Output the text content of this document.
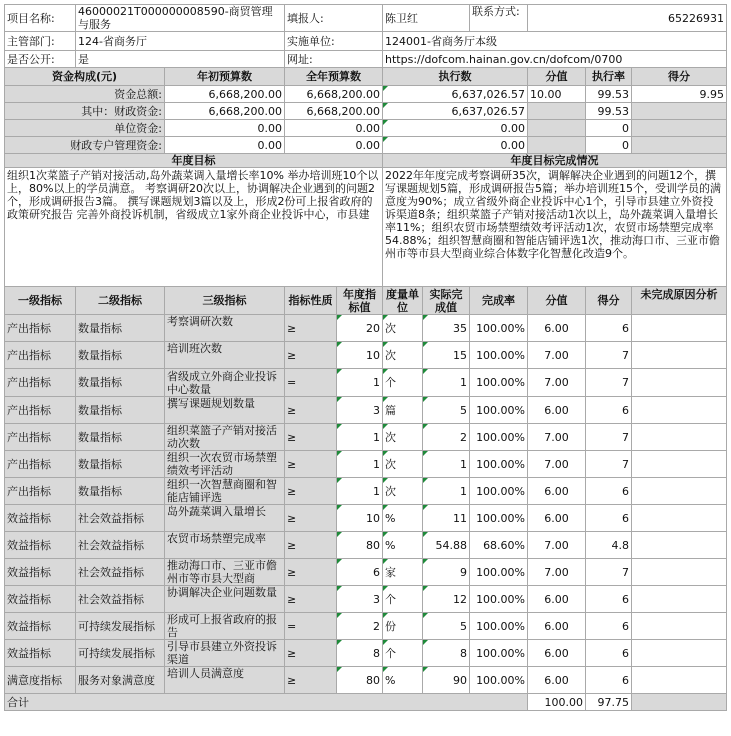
项目名称:	46000021T000000008590-商贸管理与服务		填报人:		陈卫红		联系方式:	65226931		
主管部门:	124-省商务厅		实施单位:		124001-省商务厅本级					
是否公开:	是		网址:		https://dofcom.hainan.gov.cn/dofcom/0700					
资金构成(元)		年初预算数	全年预算数		执行数			分值	执行率	得分
资金总额:		6,668,200.00	6,668,200.00		6,637,026.57			10.00	99.53	9.95
其中：财政资金:		6,668,200.00	6,668,200.00		6,637,026.57				99.53	
单位资金:		0.00	0.00		0.00				0	
财政专户管理资金:		0.00	0.00		0.00				0	
年度目标					年度目标完成情况					

组织1次菜篮子产销对接活动,岛外蔬菜调入量增长率10% 举办培训班10个以上，80%以上的学员满意。 考察调研20次以上，协调解决企业遇到的问题2个，形成调研报告3篇。 撰写课题规划3篇以及上，形成2份可上报省政府的政策研究报告 完善外商投诉机制，省级成立1家外商企业投诉中心，市县建					2022年年度完成考察调研35次，调解解决企业遇到的问题12个，撰写课题规划5篇，形成调研报告5篇；举办培训班15个，受训学员的满意度为90%；成立省级外商企业投诉中心1个，引导市县建立外资投诉渠道8条；组织菜篮子产销对接活动1次以上，岛外蔬菜调入量增长率11%；组织农贸市场禁塑绩效考评活动1次，农贸市场禁塑完成率54.88%；组织智慧商圈和智能店铺评选1次，推动海口市、三亚市儋州市等市县大型商业综合体数字化智慧化改造9个。					

一级指标	二级指标	三级指标	指标性质	年度指标值	度量单位	实际完成值	完成率	分值	得分	未完成原因分析

产出指标	数量指标	考察调研次数	≥	20	次	35	100.00%	6.00	6	
产出指标	数量指标	培训班次数	≥	10	次	15	100.00%	7.00	7	
产出指标	数量指标	省级成立外商企业投诉中心数量	=	1	个	1	100.00%	7.00	7	
产出指标	数量指标	撰写课题规划数量	≥	3	篇	5	100.00%	6.00	6	
产出指标	数量指标	组织菜篮子产销对接活动次数	≥	1	次	2	100.00%	7.00	7	
产出指标	数量指标	组织一次农贸市场禁塑绩效考评活动	≥	1	次	1	100.00%	7.00	7	
产出指标	数量指标	组织一次智慧商圈和智能店铺评选	≥	1	次	1	100.00%	6.00	6	
效益指标	社会效益指标	岛外蔬菜调入量增长	≥	10	%	11	100.00%	6.00	6	
效益指标	社会效益指标	农贸市场禁塑完成率	≥	80	%	54.88	68.60%	7.00	4.8	
效益指标	社会效益指标	推动海口市、三亚市儋州市等市县大型商	≥	6	家	9	100.00%	7.00	7	
效益指标	社会效益指标	协调解决企业问题数量	≥	3	个	12	100.00%	6.00	6	
效益指标	可持续发展指标	形成可上报省政府的报告	=	2	份	5	100.00%	6.00	6	
效益指标	可持续发展指标	引导市县建立外资投诉渠道	≥	8	个	8	100.00%	6.00	6	
满意度指标	服务对象满意度	培训人员满意度	≥	80	%	90	100.00%	6.00	6	
合计								100.00	97.75	
